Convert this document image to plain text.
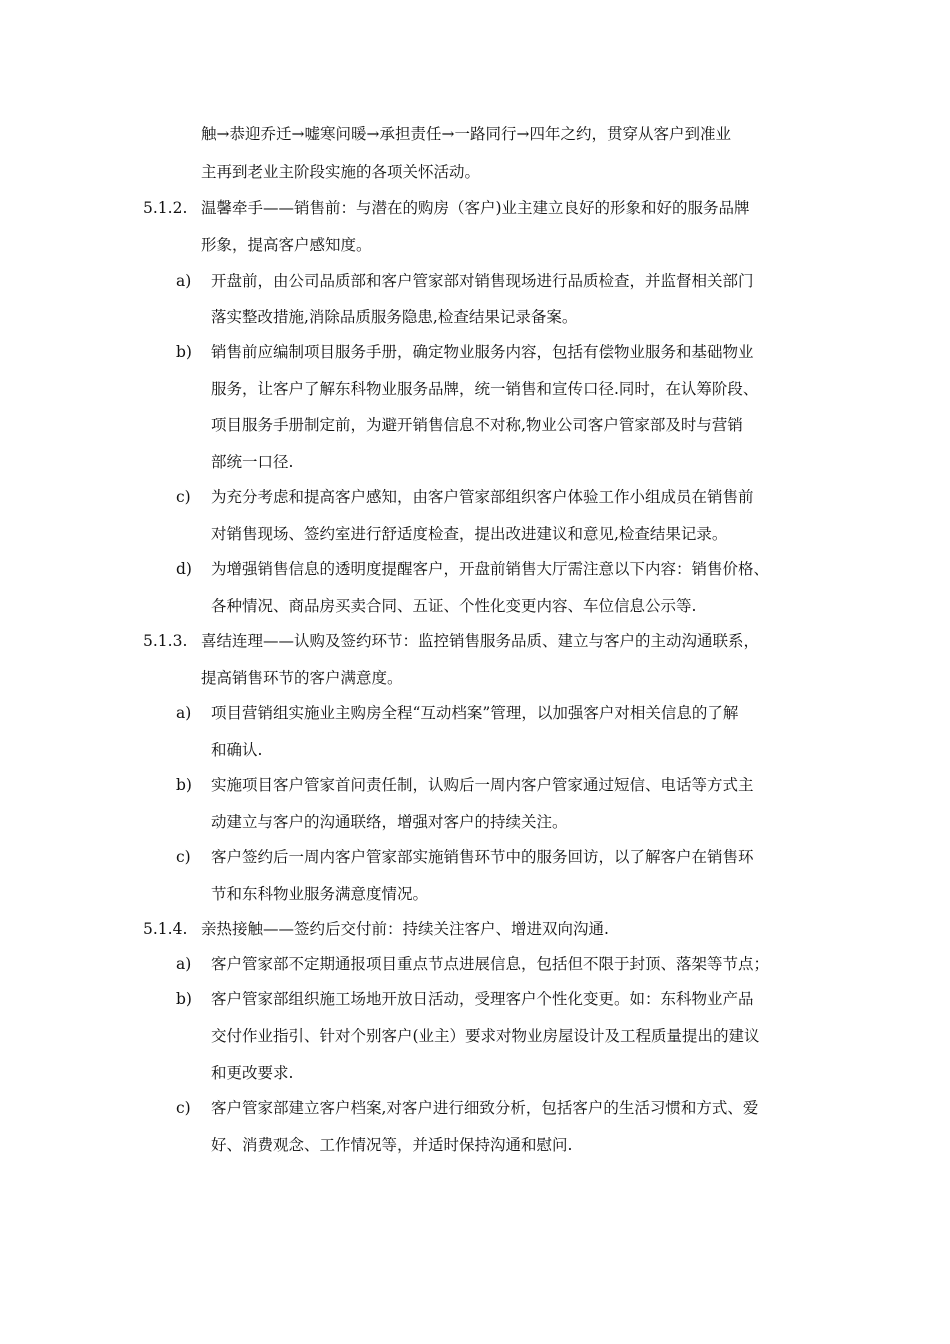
触→恭迎乔迁→嘘寒问暖→承担责任→一路同行→四年之约，贯穿从客户到准业
主再到老业主阶段实施的各项关怀活动。
5.1.2. 温馨牵手——销售前：与潜在的购房（客户)业主建立良好的形象和好的服务品牌
形象，提高客户感知度。
a) 开盘前，由公司品质部和客户管家部对销售现场进行品质检查，并监督相关部门
落实整改措施,消除品质服务隐患,检查结果记录备案。
b) 销售前应编制项目服务手册，确定物业服务内容，包括有偿物业服务和基础物业
服务，让客户了解东科物业服务品牌，统一销售和宣传口径.同时，在认筹阶段、
项目服务手册制定前，为避开销售信息不对称,物业公司客户管家部及时与营销
部统一口径.
c) 为充分考虑和提高客户感知，由客户管家部组织客户体验工作小组成员在销售前
对销售现场、签约室进行舒适度检查，提出改进建议和意见,检查结果记录。
d) 为增强销售信息的透明度提醒客户，开盘前销售大厅需注意以下内容：销售价格、
各种情况、商品房买卖合同、五证、个性化变更内容、车位信息公示等.
5.1.3. 喜结连理——认购及签约环节：监控销售服务品质、建立与客户的主动沟通联系，
提高销售环节的客户满意度。
a) 项目营销组实施业主购房全程“互动档案”管理，以加强客户对相关信息的了解
和确认.
b) 实施项目客户管家首问责任制，认购后一周内客户管家通过短信、电话等方式主
动建立与客户的沟通联络，增强对客户的持续关注。
c) 客户签约后一周内客户管家部实施销售环节中的服务回访，以了解客户在销售环
节和东科物业服务满意度情况。
5.1.4. 亲热接触——签约后交付前：持续关注客户、增进双向沟通.
a) 客户管家部不定期通报项目重点节点进展信息，包括但不限于封顶、落架等节点；
b) 客户管家部组织施工场地开放日活动，受理客户个性化变更。如：东科物业产品
交付作业指引、针对个别客户(业主）要求对物业房屋设计及工程质量提出的建议
和更改要求.
c) 客户管家部建立客户档案,对客户进行细致分析，包括客户的生活习惯和方式、爱
好、消费观念、工作情况等，并适时保持沟通和慰问.
